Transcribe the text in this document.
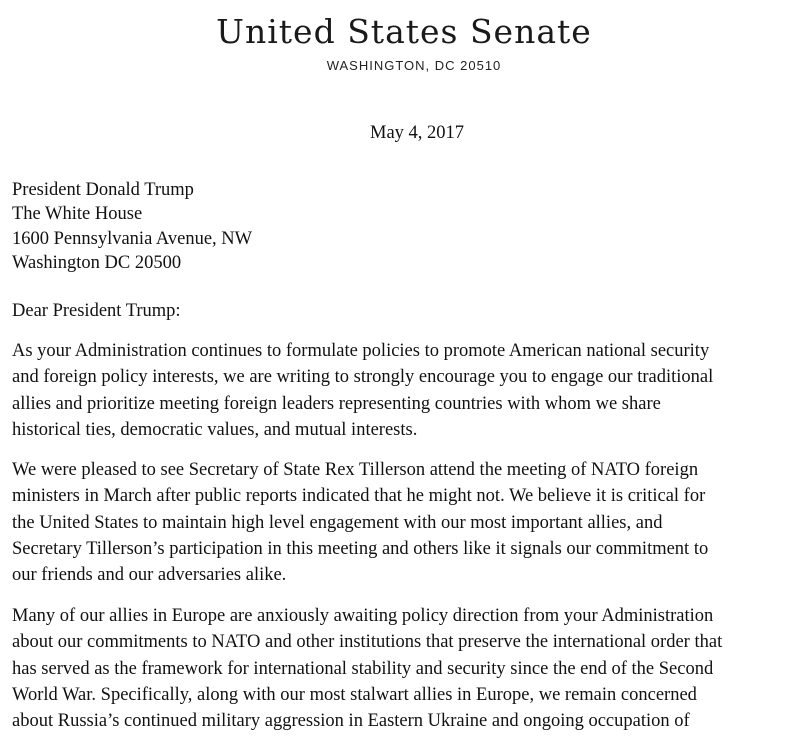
United States Senate
WASHINGTON, DC 20510
May 4, 2017
President Donald Trump
The White House
1600 Pennsylvania Avenue, NW
Washington DC 20500
Dear President Trump:
As your Administration continues to formulate policies to promote American national security
and foreign policy interests, we are writing to strongly encourage you to engage our traditional
allies and prioritize meeting foreign leaders representing countries with whom we share
historical ties, democratic values, and mutual interests.
We were pleased to see Secretary of State Rex Tillerson attend the meeting of NATO foreign
ministers in March after public reports indicated that he might not. We believe it is critical for
the United States to maintain high level engagement with our most important allies, and
Secretary Tillerson’s participation in this meeting and others like it signals our commitment to
our friends and our adversaries alike.
Many of our allies in Europe are anxiously awaiting policy direction from your Administration
about our commitments to NATO and other institutions that preserve the international order that
has served as the framework for international stability and security since the end of the Second
World War. Specifically, along with our most stalwart allies in Europe, we remain concerned
about Russia’s continued military aggression in Eastern Ukraine and ongoing occupation of
